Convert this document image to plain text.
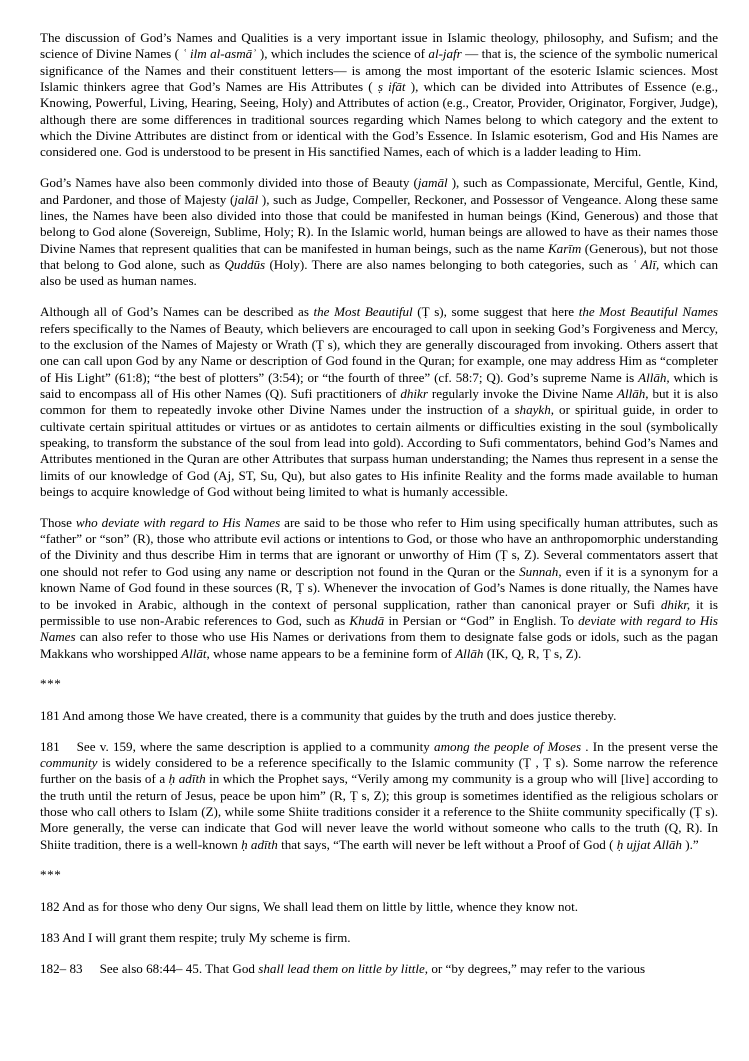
The discussion of God’s Names and Qualities is a very important issue in Islamic theology, philosophy, and Sufism; and the science of Divine Names ( ʿ ilm al-asmāʾ ), which includes the science of al-jafr — that is, the science of the symbolic numerical significance of the Names and their constituent letters— is among the most important of the esoteric Islamic sciences. Most Islamic thinkers agree that God’s Names are His Attributes ( ṣ ifāt ), which can be divided into Attributes of Essence (e.g., Knowing, Powerful, Living, Hearing, Seeing, Holy) and Attributes of action (e.g., Creator, Provider, Originator, Forgiver, Judge), although there are some differences in traditional sources regarding which Names belong to which category and the extent to which the Divine Attributes are distinct from or identical with the God’s Essence. In Islamic esoterism, God and His Names are considered one. God is understood to be present in His sanctified Names, each of which is a ladder leading to Him.

God’s Names have also been commonly divided into those of Beauty (jamāl ), such as Compassionate, Merciful, Gentle, Kind, and Pardoner, and those of Majesty (jalāl ), such as Judge, Compeller, Reckoner, and Possessor of Vengeance. Along these same lines, the Names have been also divided into those that could be manifested in human beings (Kind, Generous) and those that belong to God alone (Sovereign, Sublime, Holy; R). In the Islamic world, human beings are allowed to have as their names those Divine Names that represent qualities that can be manifested in human beings, such as the name Karīm (Generous), but not those that belong to God alone, such as Quddūs (Holy). There are also names belonging to both categories, such as ʿ Alī, which can also be used as human names.

Although all of God’s Names can be described as the Most Beautiful (Ṭ s), some suggest that here the Most Beautiful Names refers specifically to the Names of Beauty, which believers are encouraged to call upon in seeking God’s Forgiveness and Mercy, to the exclusion of the Names of Majesty or Wrath (Ṭ s), which they are generally discouraged from invoking. Others assert that one can call upon God by any Name or description of God found in the Quran; for example, one may address Him as “completer of His Light” (61:8); “the best of plotters” (3:54); or “the fourth of three” (cf. 58:7; Q). God’s supreme Name is Allāh, which is said to encompass all of His other Names (Q). Sufi practitioners of dhikr regularly invoke the Divine Name Allāh, but it is also common for them to repeatedly invoke other Divine Names under the instruction of a shaykh, or spiritual guide, in order to cultivate certain spiritual attitudes or virtues or as antidotes to certain ailments or difficulties existing in the soul (symbolically speaking, to transform the substance of the soul from lead into gold). According to Sufi commentators, behind God’s Names and Attributes mentioned in the Quran are other Attributes that surpass human understanding; the Names thus represent in a sense the limits of our knowledge of God (Aj, ST, Su, Qu), but also gates to His infinite Reality and the forms made available to human beings to acquire knowledge of God without being limited to what is humanly accessible.

Those who deviate with regard to His Names are said to be those who refer to Him using specifically human attributes, such as “father” or “son” (R), those who attribute evil actions or intentions to God, or those who have an anthropomorphic understanding of the Divinity and thus describe Him in terms that are ignorant or unworthy of Him (Ṭ s, Z). Several commentators assert that one should not refer to God using any name or description not found in the Quran or the Sunnah, even if it is a synonym for a known Name of God found in these sources (R, Ṭ s). Whenever the invocation of God’s Names is done ritually, the Names have to be invoked in Arabic, although in the context of personal supplication, rather than canonical prayer or Sufi dhikr, it is permissible to use non-Arabic references to God, such as Khudā in Persian or “God” in English. To deviate with regard to His Names can also refer to those who use His Names or derivations from them to designate false gods or idols, such as the pagan Makkans who worshipped Allāt, whose name appears to be a feminine form of Allāh (IK, Q, R, Ṭ s, Z).

***

181 And among those We have created, there is a community that guides by the truth and does justice thereby.

181 See v. 159, where the same description is applied to a community among the people of Moses . In the present verse the community is widely considered to be a reference specifically to the Islamic community (Ṭ , Ṭ s). Some narrow the reference further on the basis of a ḥ adīth in which the Prophet says, “Verily among my community is a group who will [live] according to the truth until the return of Jesus, peace be upon him” (R, Ṭ s, Z); this group is sometimes identified as the religious scholars or those who call others to Islam (Z), while some Shiite traditions consider it a reference to the Shiite community specifically (Ṭ s). More generally, the verse can indicate that God will never leave the world without someone who calls to the truth (Q, R). In Shiite tradition, there is a well-known ḥ adīth that says, “The earth will never be left without a Proof of God ( ḥ ujjat Allāh ).”

***

182 And as for those who deny Our signs, We shall lead them on little by little, whence they know not.

183 And I will grant them respite; truly My scheme is firm.

182– 83 See also 68:44– 45. That God shall lead them on little by little, or “by degrees,” may refer to the various
